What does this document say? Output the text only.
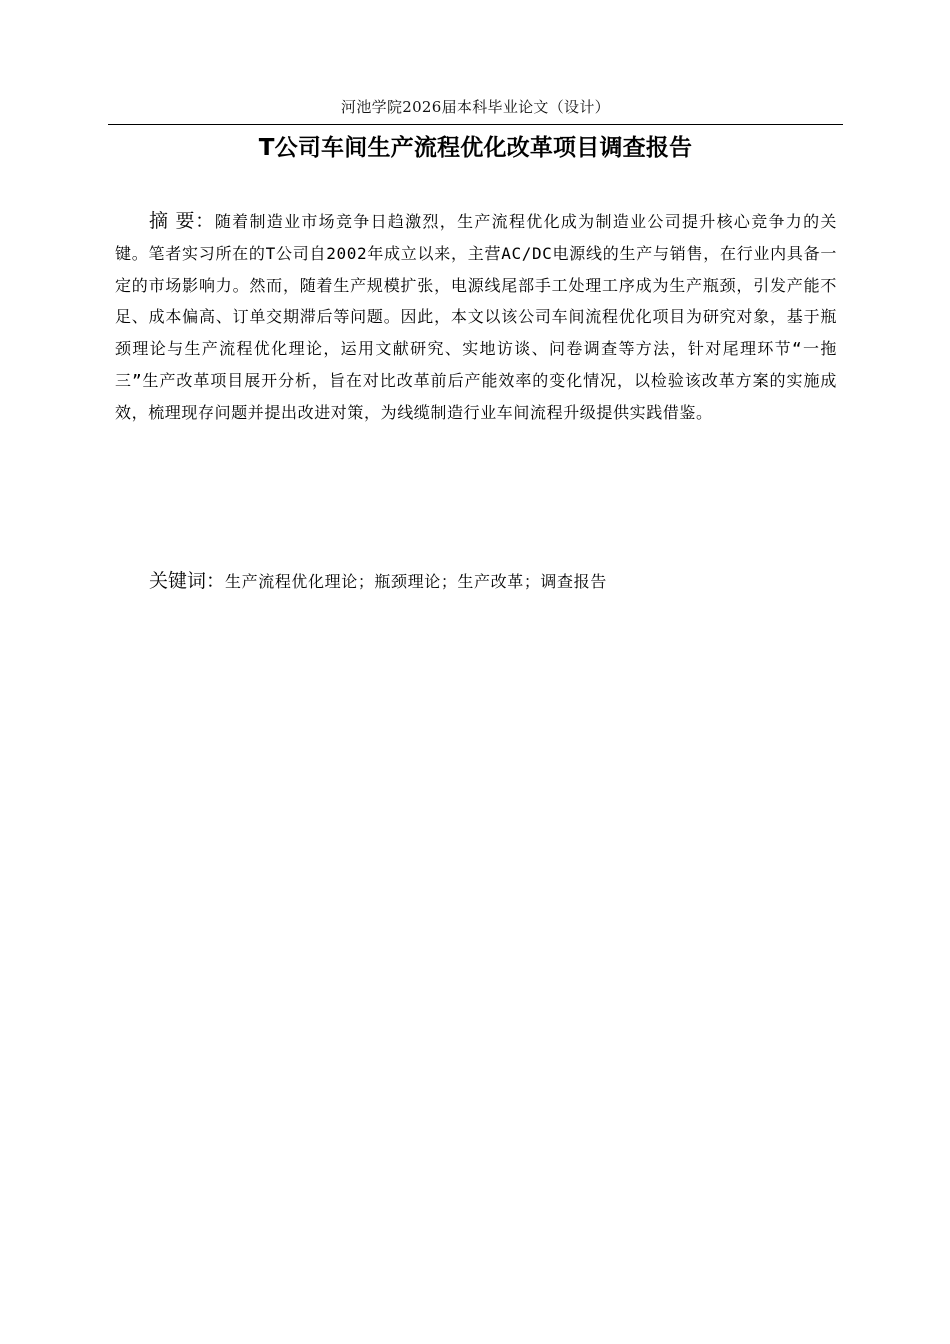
河池学院2026届本科毕业论文（设计）
T公司车间生产流程优化改革项目调查报告

摘 要：随着制造业市场竞争日趋激烈，生产流程优化成为制造业公司提升核心竞争力的关键。笔者实习所在的T公司自2002年成立以来，主营AC/DC电源线的生产与销售，在行业内具备一定的市场影响力。然而，随着生产规模扩张，电源线尾部手工处理工序成为生产瓶颈，引发产能不足、成本偏高、订单交期滞后等问题。因此，本文以该公司车间流程优化项目为研究对象，基于瓶颈理论与生产流程优化理论，运用文献研究、实地访谈、问卷调查等方法，针对尾理环节“一拖三”生产改革项目展开分析，旨在对比改革前后产能效率的变化情况，以检验该改革方案的实施成效，梳理现存问题并提出改进对策，为线缆制造行业车间流程升级提供实践借鉴。

关键词：生产流程优化理论；瓶颈理论；生产改革；调查报告
